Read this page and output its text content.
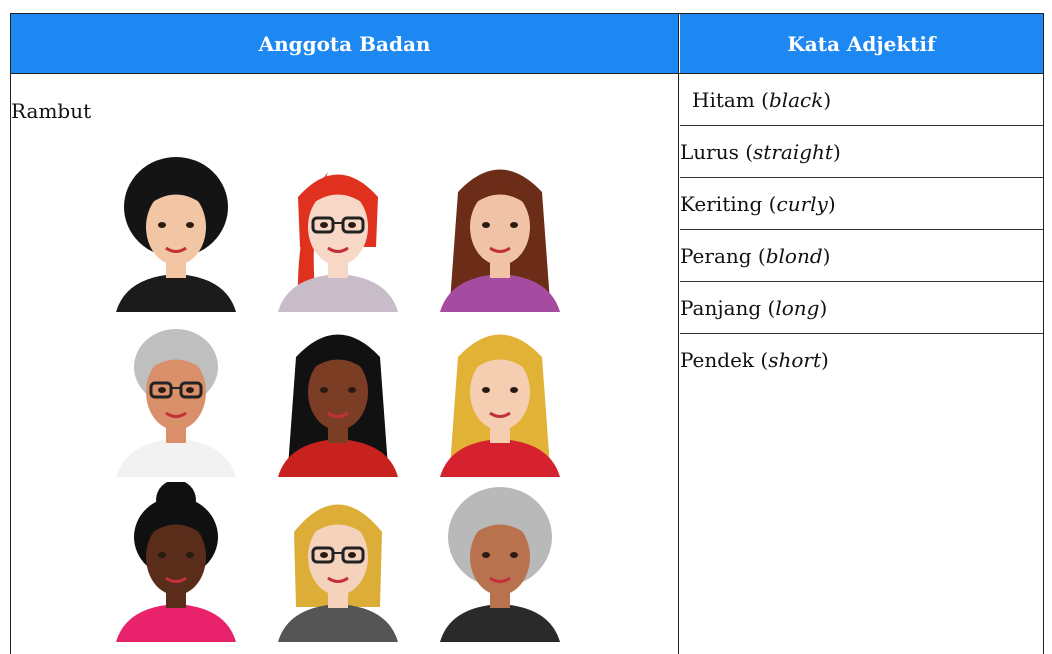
Anggota Badan	Kata Adjektif
Rambut	Hitam ( black )
Lurus ( straight )
Keriting ( curly )
Perang ( blond )
Panjang ( long )
Pendek ( short )
